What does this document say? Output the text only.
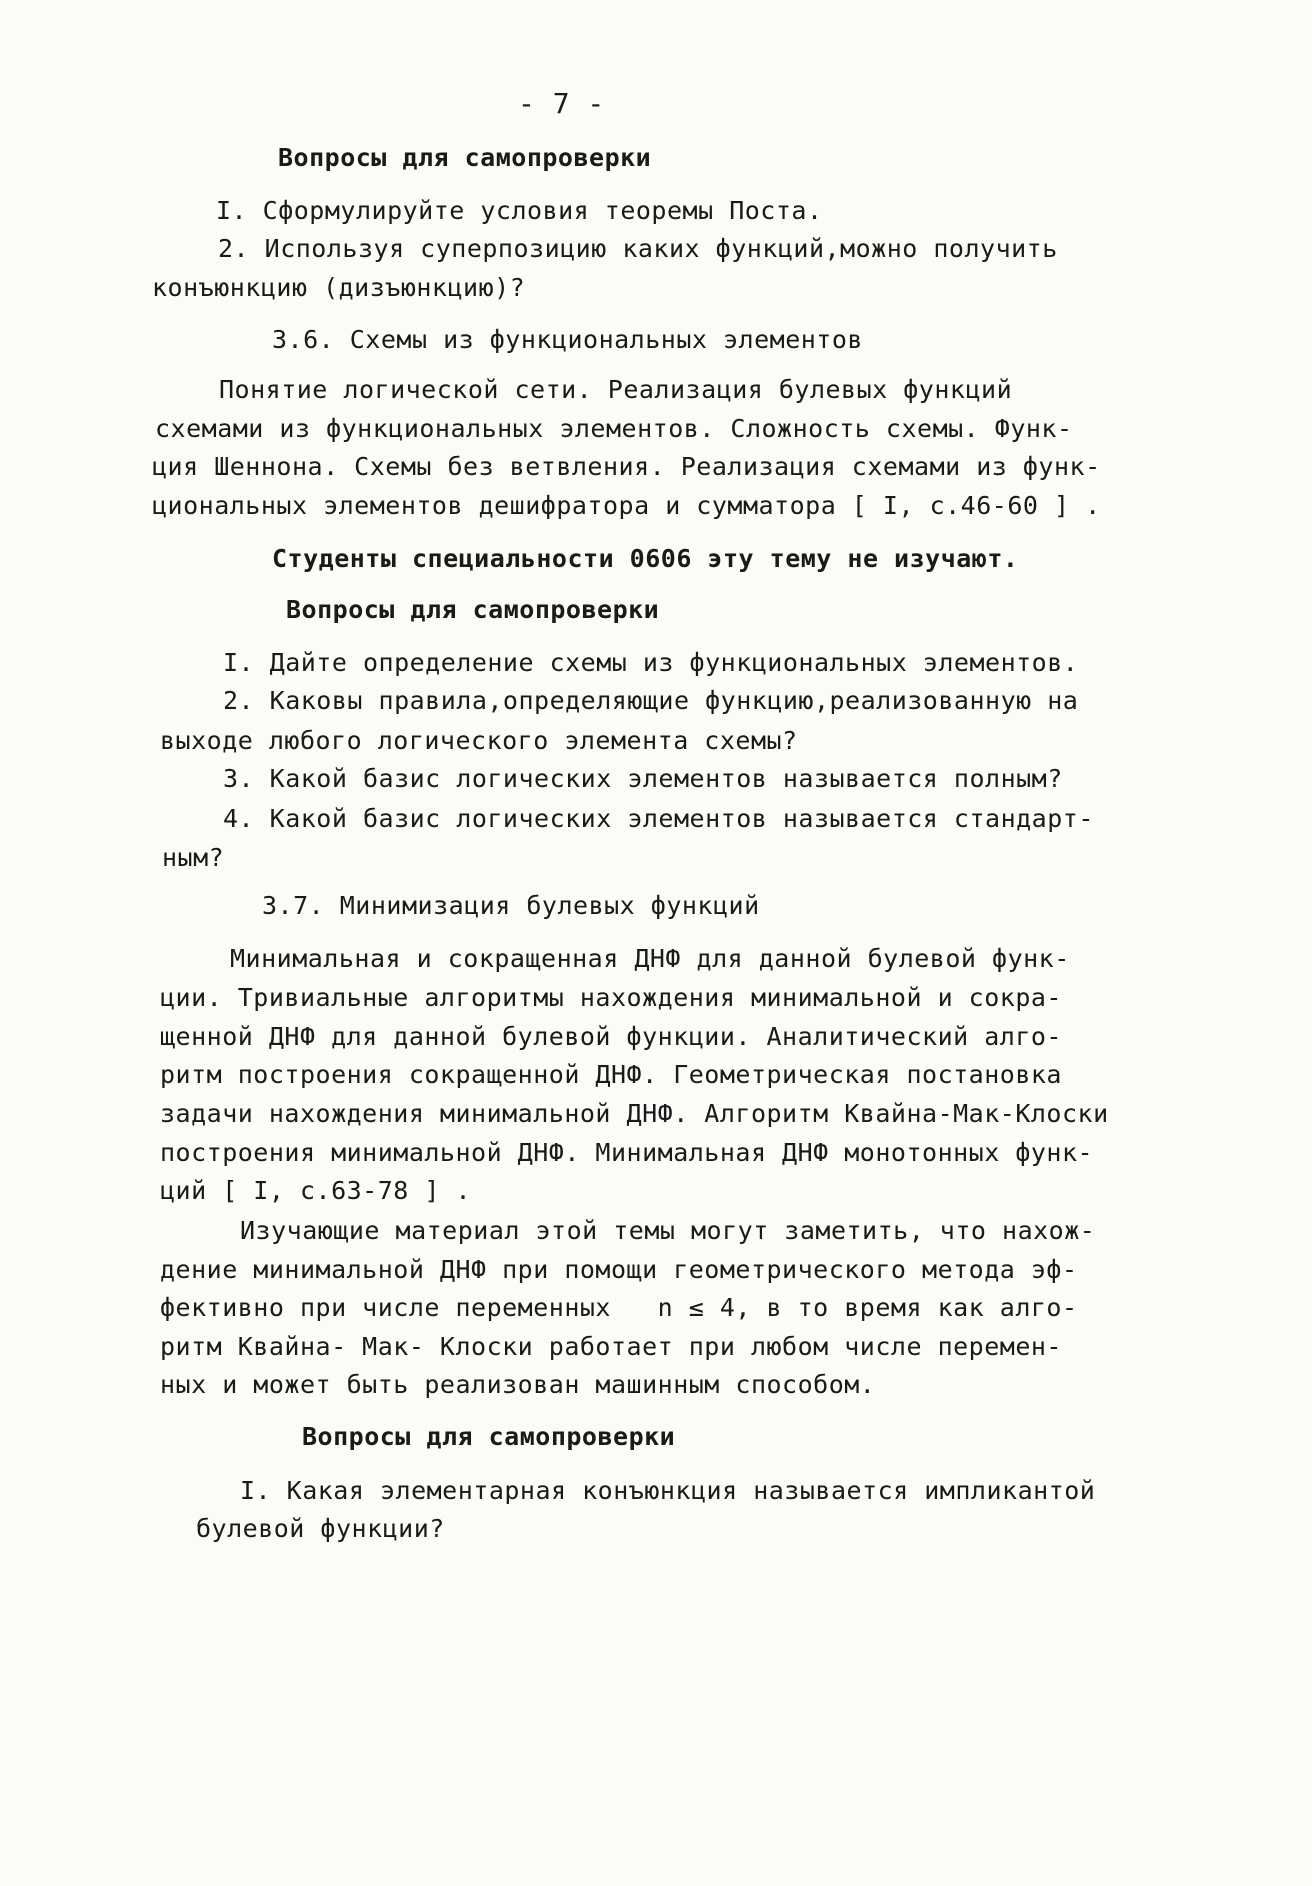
- 7 -
Вопросы для самопроверки
I. Сформулируйте условия теоремы Поста.
2. Используя суперпозицию каких функций,можно получить
конъюнкцию (дизъюнкцию)?
3.6. Схемы из функциональных элементов
Понятие логической сети. Реализация булевых функций
схемами из функциональных элементов. Сложность схемы. Функ-
ция Шеннона. Схемы без ветвления. Реализация схемами из функ-
циональных элементов дешифратора и сумматора [ I, с.46-60 ] .
Студенты специальности 0606 эту тему не изучают.
Вопросы для самопроверки
I. Дайте определение схемы из функциональных элементов.
2. Каковы правила,определяющие функцию,реализованную на
выходе любого логического элемента схемы?
3. Какой базис логических элементов называется полным?
4. Какой базис логических элементов называется стандарт-
ным?
3.7. Минимизация булевых функций
Минимальная и сокращенная ДНФ для данной булевой функ-
ции. Тривиальные алгоритмы нахождения минимальной и сокра-
щенной ДНФ для данной булевой функции. Аналитический алго-
ритм построения сокращенной ДНФ. Геометрическая постановка
задачи нахождения минимальной ДНФ. Алгоритм Квайна-Мак-Клоски
построения минимальной ДНФ. Минимальная ДНФ монотонных функ-
ций [ I, с.63-78 ] .
Изучающие материал этой темы могут заметить, что нахож-
дение минимальной ДНФ при помощи геометрического метода эф-
фективно при числе переменных   n ≤ 4, в то время как алго-
ритм Квайна- Мак- Клоски работает при любом числе перемен-
ных и может быть реализован машинным способом.
Вопросы для самопроверки
I. Какая элементарная конъюнкция называется импликантой
булевой функции?
